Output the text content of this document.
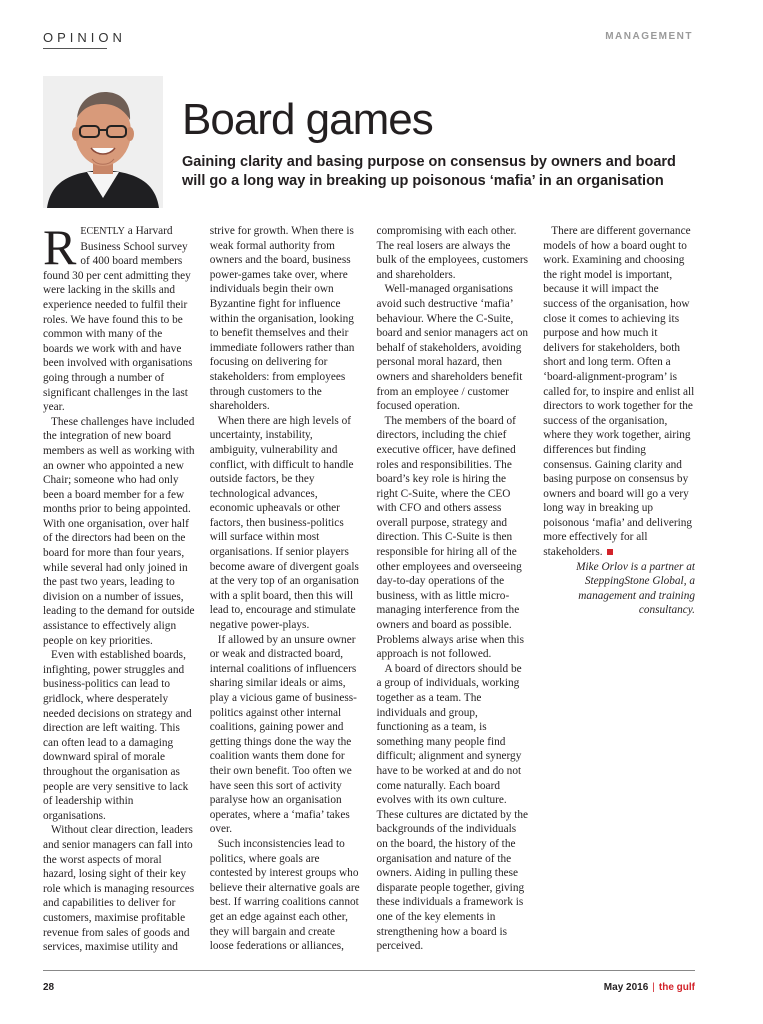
OPINION	MANAGEMENT
Board games

Gaining clarity and basing purpose on consensus by owners and board will go a long way in breaking up poisonous ‘mafia’ in an organisation

RECENTLY a Harvard Business School survey of 400 board members found 30 per cent admitting they were lacking in the skills and experience needed to fulfil their roles. We have found this to be common with many of the boards we work with and have been involved with organisations going through a number of significant challenges in the last year.

These challenges have included the integration of new board members as well as working with an owner who appointed a new Chair; someone who had only been a board member for a few months prior to being appointed. With one organisation, over half of the directors had been on the board for more than four years, while several had only joined in the past two years, leading to division on a number of issues, leading to the demand for outside assistance to effectively align people on key priorities.

Even with established boards, infighting, power struggles and business-politics can lead to gridlock, where desperately needed decisions on strategy and direction are left waiting. This can often lead to a damaging downward spiral of morale throughout the organisation as people are very sensitive to lack of leadership within organisations.

Without clear direction, leaders and senior managers can fall into the worst aspects of moral hazard, losing sight of their key role which is managing resources and capabilities to deliver for customers, maximise profitable revenue from sales of goods and services, maximise utility and strive for growth. When there is weak formal authority from owners and the board, business power-games take over, where individuals begin their own Byzantine fight for influence within the organisation, looking to benefit themselves and their immediate followers rather than focusing on delivering for stakeholders: from employees through customers to the shareholders.

When there are high levels of uncertainty, instability, ambiguity, vulnerability and conflict, with difficult to handle outside factors, be they technological advances, economic upheavals or other factors, then business-politics will surface within most organisations. If senior players become aware of divergent goals at the very top of an organisation with a split board, then this will lead to, encourage and stimulate negative power-plays.

If allowed by an unsure owner or weak and distracted board, internal coalitions of influencers sharing similar ideals or aims, play a vicious game of business-politics against other internal coalitions, gaining power and getting things done the way the coalition wants them done for their own benefit. Too often we have seen this sort of activity paralyse how an organisation operates, where a ‘mafia’ takes over.

Such inconsistencies lead to politics, where goals are contested by interest groups who believe their alternative goals are best. If warring coalitions cannot get an edge against each other, they will bargain and create loose federations or alliances, compromising with each other. The real losers are always the bulk of the employees, customers and shareholders.

Well-managed organisations avoid such destructive ‘mafia’ behaviour. Where the C-Suite, board and senior managers act on behalf of stakeholders, avoiding personal moral hazard, then owners and shareholders benefit from an employee / customer focused operation.

The members of the board of directors, including the chief executive officer, have defined roles and responsibilities. The board’s key role is hiring the right C-Suite, where the CEO with CFO and others assess overall purpose, strategy and direction. This C-Suite is then responsible for hiring all of the other employees and overseeing day-to-day operations of the business, with as little micro-managing interference from the owners and board as possible. Problems always arise when this approach is not followed.

A board of directors should be a group of individuals, working together as a team. The individuals and group, functioning as a team, is something many people find difficult; alignment and synergy have to be worked at and do not come naturally. Each board evolves with its own culture. These cultures are dictated by the backgrounds of the individuals on the board, the history of the organisation and nature of the owners. Aiding in pulling these disparate people together, giving these individuals a framework is one of the key elements in strengthening how a board is perceived.

There are different governance models of how a board ought to work. Examining and choosing the right model is important, because it will impact the success of the organisation, how close it comes to achieving its purpose and how much it delivers for stakeholders, both short and long term. Often a ‘board-alignment-program’ is called for, to inspire and enlist all directors to work together for the success of the organisation, where they work together, airing differences but finding consensus. Gaining clarity and basing purpose on consensus by owners and board will go a very long way in breaking up poisonous ‘mafia’ and delivering more effectively for all stakeholders.

Mike Orlov is a partner at SteppingStone Global, a management and training consultancy.

28	May 2016 | the gulf
